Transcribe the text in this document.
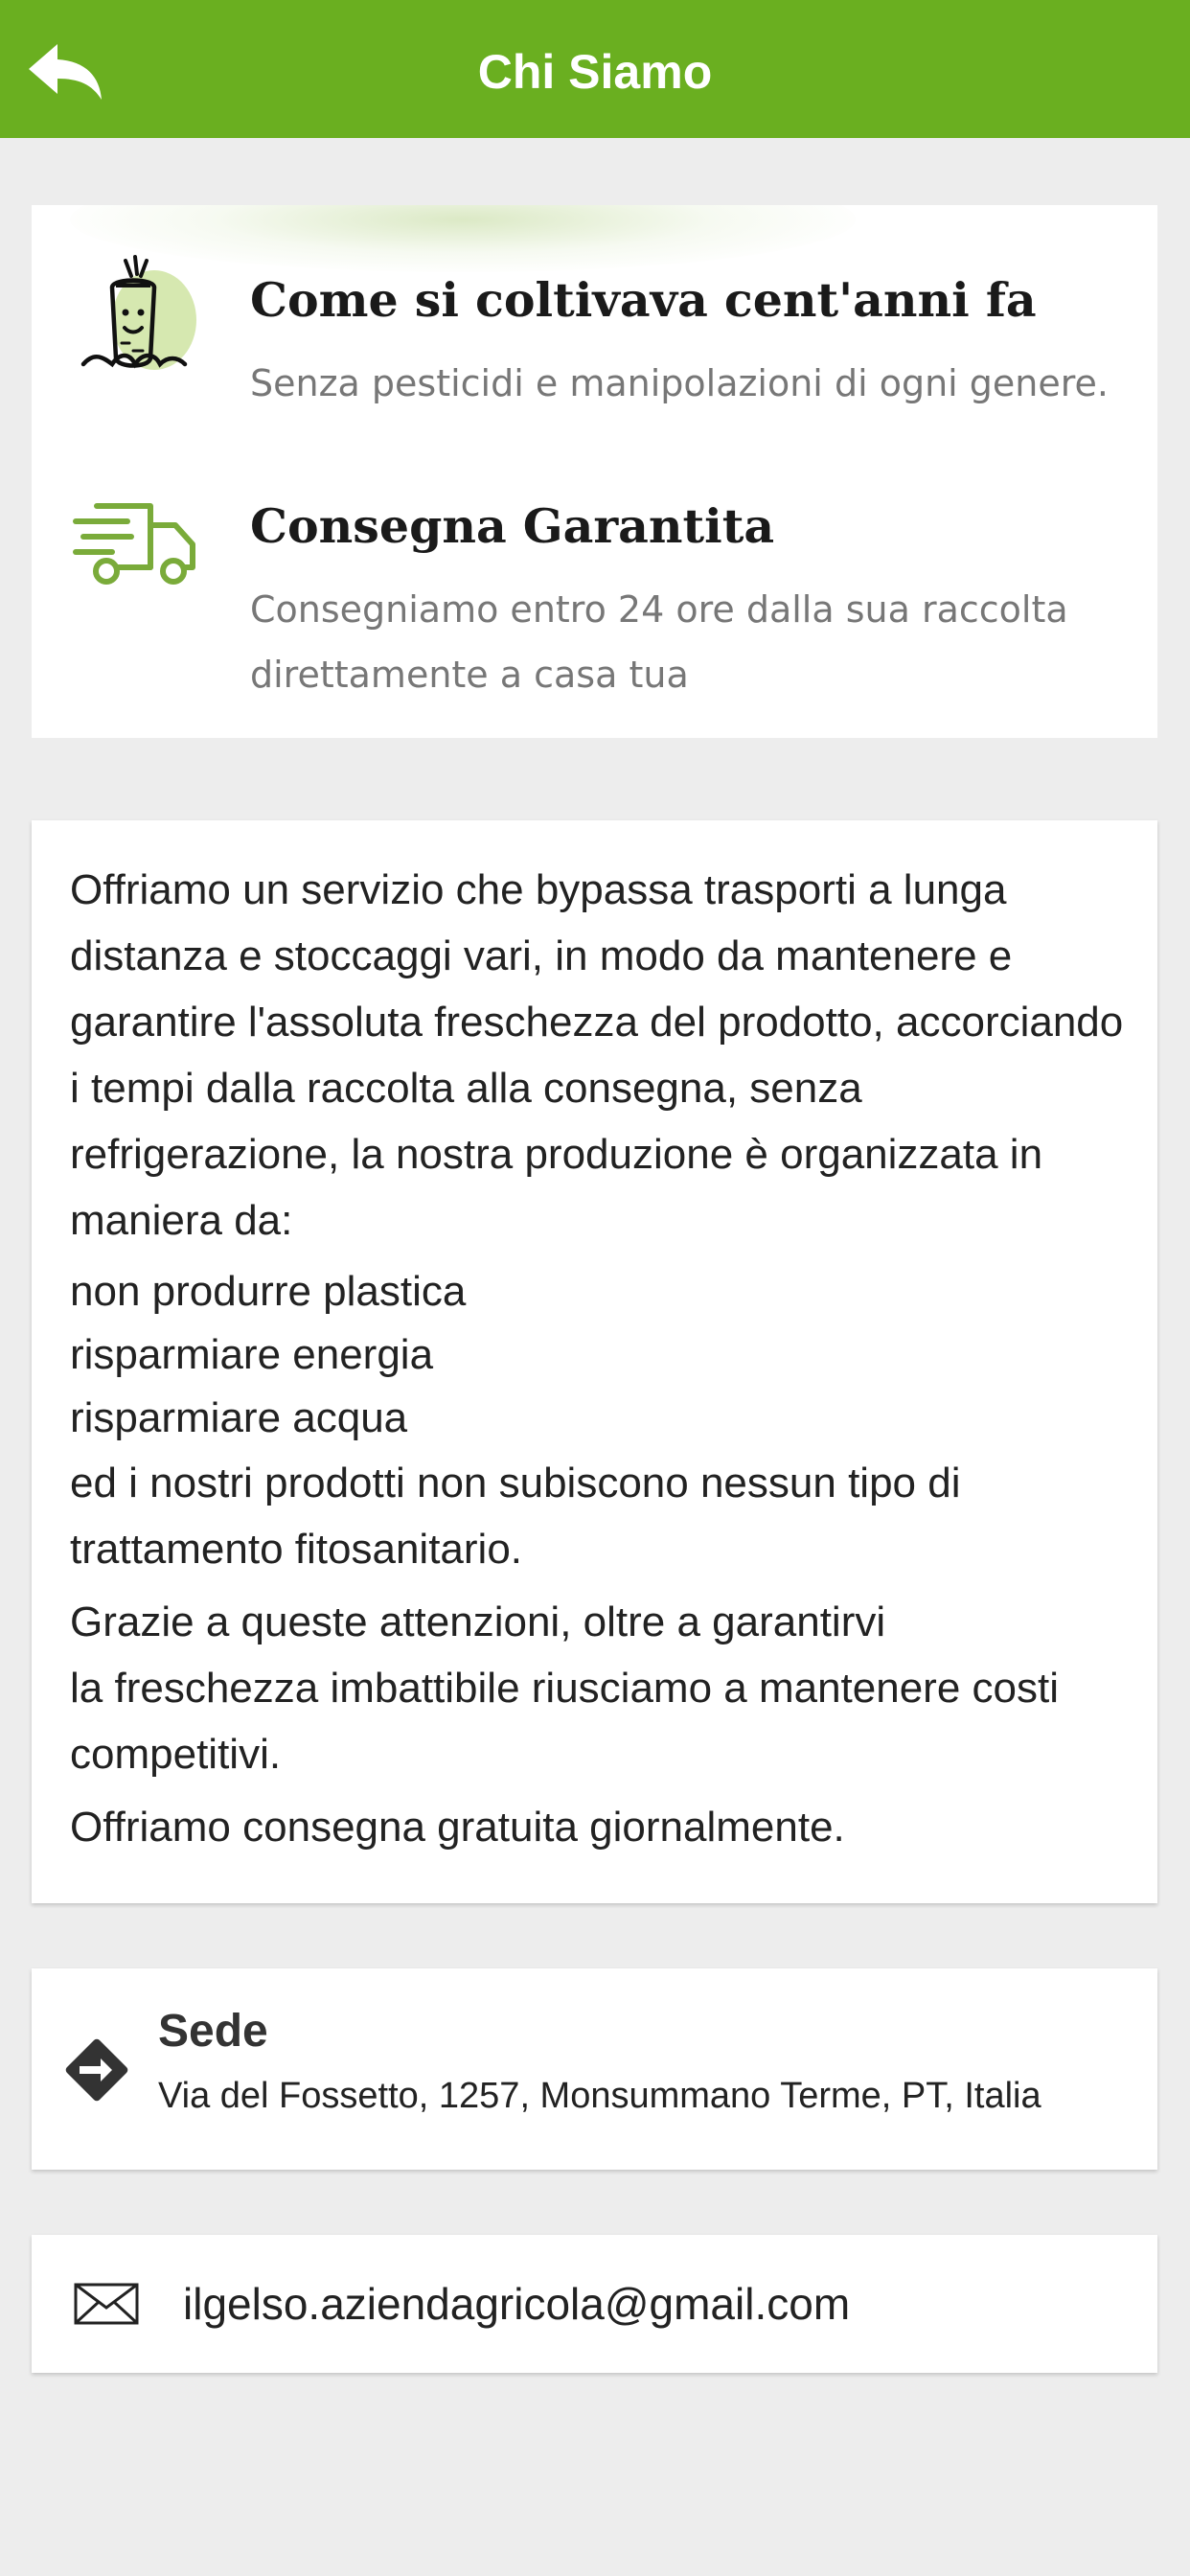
Chi Siamo
Come si coltivava cent'anni fa
Senza pesticidi e manipolazioni di ogni genere.
Consegna Garantita
Consegniamo entro 24 ore dalla sua raccolta direttamente a casa tua

Offriamo un servizio che bypassa trasporti a lunga distanza e stoccaggi vari, in modo da mantenere e garantire l'assoluta freschezza del prodotto, accorciando i tempi dalla raccolta alla consegna, senza refrigerazione, la nostra produzione è organizzata in maniera da:

non produrre plastica
risparmiare energia
risparmiare acqua

ed i nostri prodotti non subiscono nessun tipo di trattamento fitosanitario.

Grazie a queste attenzioni, oltre a garantirvi

la freschezza imbattibile riusciamo a mantenere costi competitivi.

Offriamo consegna gratuita giornalmente.

Sede
Via del Fossetto, 1257, Monsummano Terme, PT, Italia
ilgelso.aziendagricola@gmail.com
